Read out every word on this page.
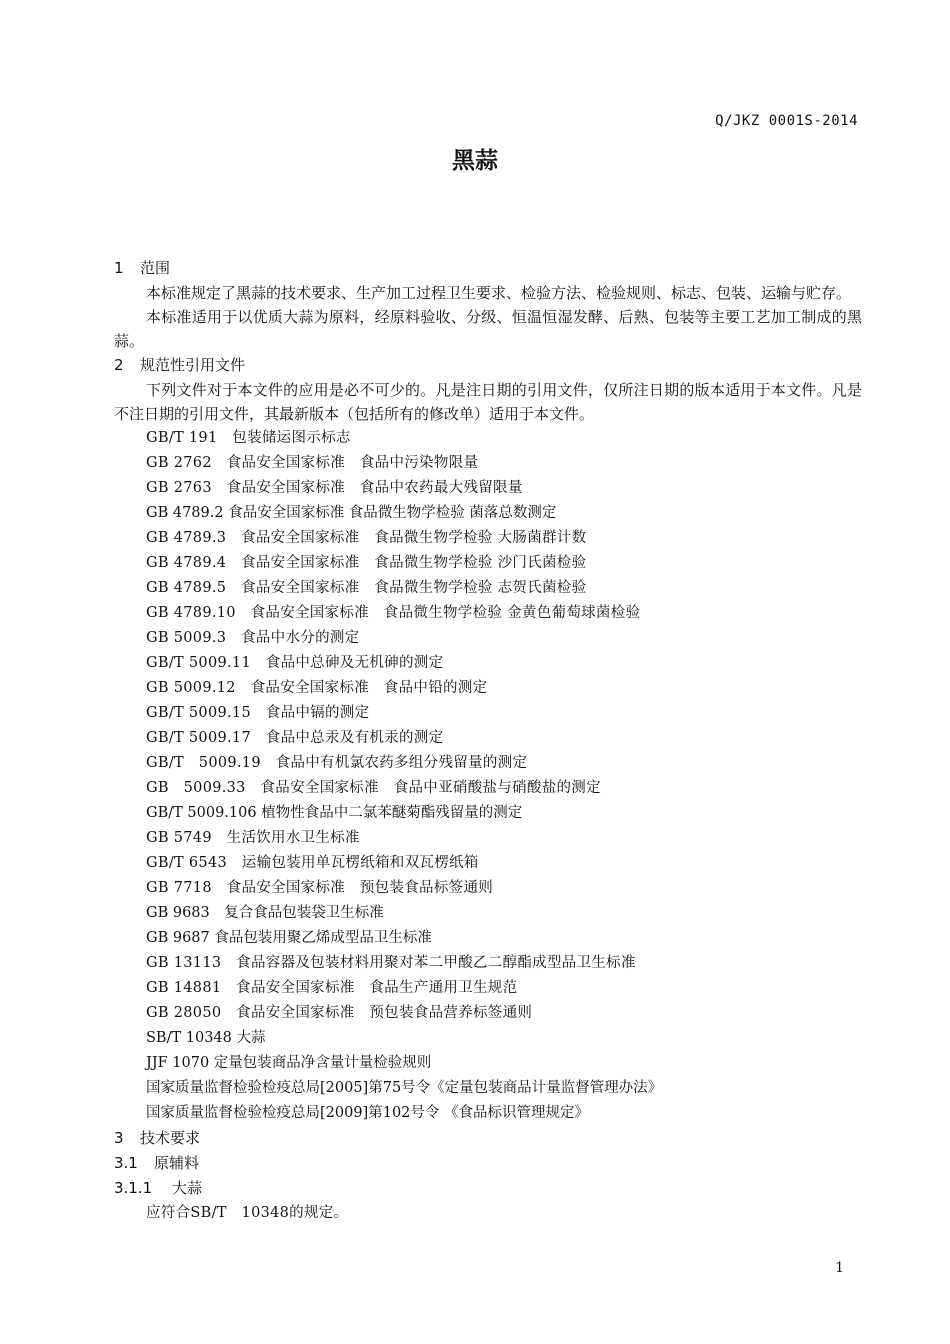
Q/JKZ 0001S-2014
黑蒜
1 范围

本标准规定了黑蒜的技术要求、生产加工过程卫生要求、检验方法、检验规则、标志、包装、运输与贮存。

本标准适用于以优质大蒜为原料，经原料验收、分级、恒温恒湿发酵、后熟、包装等主要工艺加工制成的黑蒜。

2 规范性引用文件

下列文件对于本文件的应用是必不可少的。凡是注日期的引用文件，仅所注日期的版本适用于本文件。凡是不注日期的引用文件，其最新版本（包括所有的修改单）适用于本文件。

GB/T 191　包装储运图示标志
GB 2762　食品安全国家标准　食品中污染物限量
GB 2763　食品安全国家标准　食品中农药最大残留限量
GB 4789.2 食品安全国家标准 食品微生物学检验 菌落总数测定
GB 4789.3　食品安全国家标准　食品微生物学检验 大肠菌群计数
GB 4789.4　食品安全国家标准　食品微生物学检验 沙门氏菌检验
GB 4789.5　食品安全国家标准　食品微生物学检验 志贺氏菌检验
GB 4789.10　食品安全国家标准　食品微生物学检验 金黄色葡萄球菌检验
GB 5009.3　食品中水分的测定
GB/T 5009.11　食品中总砷及无机砷的测定
GB 5009.12　食品安全国家标准　食品中铅的测定
GB/T 5009.15　食品中镉的测定
GB/T 5009.17　食品中总汞及有机汞的测定
GB/T　5009.19　食品中有机氯农药多组分残留量的测定
GB　5009.33　食品安全国家标准　食品中亚硝酸盐与硝酸盐的测定
GB/T 5009.106 植物性食品中二氯苯醚菊酯残留量的测定
GB 5749　生活饮用水卫生标准
GB/T 6543　运输包装用单瓦楞纸箱和双瓦楞纸箱
GB 7718　食品安全国家标准　预包装食品标签通则
GB 9683　复合食品包装袋卫生标准
GB 9687 食品包装用聚乙烯成型品卫生标准
GB 13113　食品容器及包装材料用聚对苯二甲酸乙二醇酯成型品卫生标准
GB 14881　食品安全国家标准　食品生产通用卫生规范
GB 28050　食品安全国家标准　预包装食品营养标签通则
SB/T 10348 大蒜
JJF 1070 定量包装商品净含量计量检验规则
国家质量监督检验检疫总局[2005]第75号令《定量包装商品计量监督管理办法》
国家质量监督检验检疫总局[2009]第102号令 《食品标识管理规定》
3 技术要求
3.1 原辅料
3.1.1 大蒜
应符合SB/T　10348的规定。
1
